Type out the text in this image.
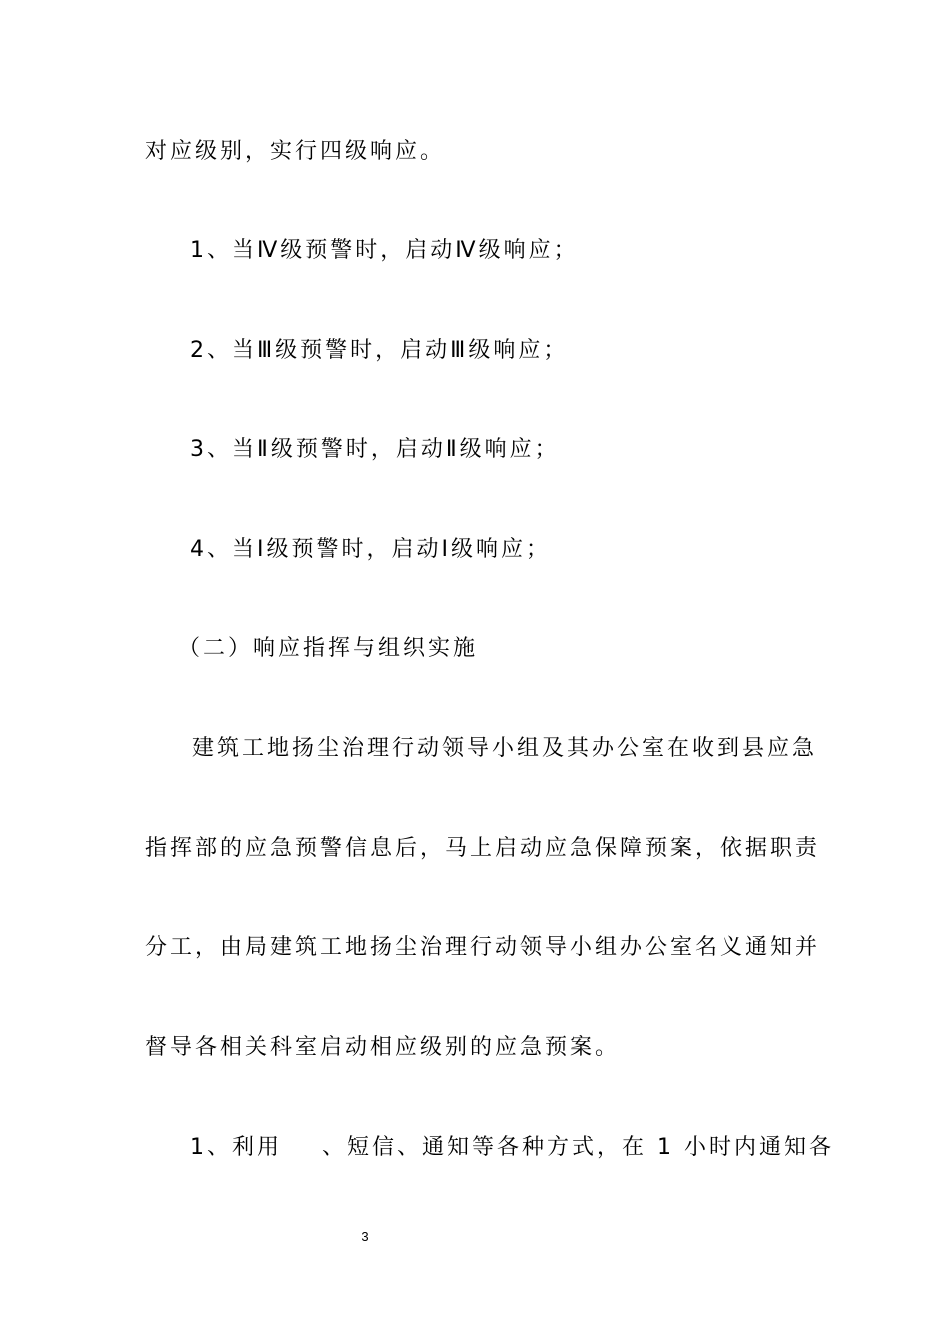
对应级别，实行四级响应。
1、当Ⅳ级预警时，启动Ⅳ级响应；
2、当Ⅲ级预警时，启动Ⅲ级响应；
3、当Ⅱ级预警时，启动Ⅱ级响应；
4、当Ⅰ级预警时，启动Ⅰ级响应；
（二）响应指挥与组织实施
建筑工地扬尘治理行动领导小组及其办公室在收到县应急
指挥部的应急预警信息后，马上启动应急保障预案，依据职责
分工，由局建筑工地扬尘治理行动领导小组办公室名义通知并
督导各相关科室启动相应级别的应急预案。
1、利用    、短信、通知等各种方式，在 1 小时内通知各
3
